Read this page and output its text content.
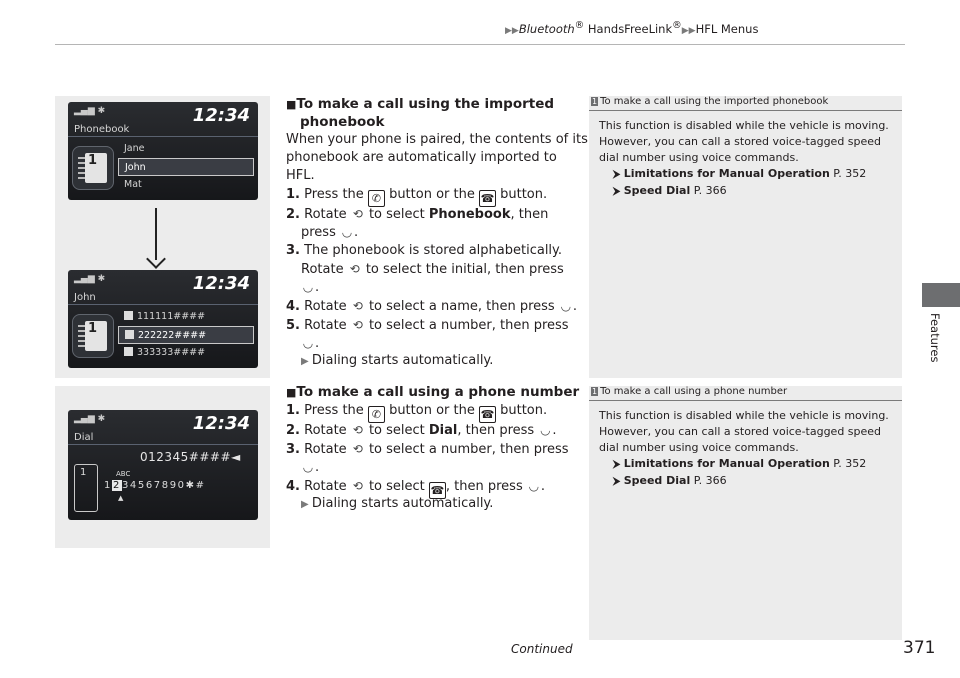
▶▶Bluetooth® HandsFreeLink®▶▶HFL Menus
Features
▂▄▆ ✱	12:34
Phonebook
1
Jane
John
Mat
▂▄▆ ✱	12:34
John
1
111111####
222222####
333333####
▂▄▆ ✱	12:34
Dial
1
012345####◄
ABC
1234567890✱#
▲
■To make a call using the imported
phonebook
When your phone is paired, the contents of its
phonebook are automatically imported to
HFL.
1. Press the ✆ button or the ☎ button.
2. Rotate ⟲ to select Phonebook, then
press ◡ .
3. The phonebook is stored alphabetically.
Rotate ⟲ to select the initial, then press
◡ .
4. Rotate ⟲ to select a name, then press ◡ .
5. Rotate ⟲ to select a number, then press
◡ .
▶ Dialing starts automatically.
■To make a call using a phone number
1. Press the ✆ button or the ☎ button.
2. Rotate ⟲ to select Dial, then press ◡ .
3. Rotate ⟲ to select a number, then press
◡ .
4. Rotate ⟲ to select ☎ , then press ◡ .
▶ Dialing starts automatically.
1 To make a call using the imported phonebook
This function is disabled while the vehicle is moving.
However, you can call a stored voice-tagged speed
dial number using voice commands.
⮞ Limitations for Manual Operation P. 352
⮞ Speed Dial P. 366
1 To make a call using a phone number
This function is disabled while the vehicle is moving.
However, you can call a stored voice-tagged speed
dial number using voice commands.
⮞ Limitations for Manual Operation P. 352
⮞ Speed Dial P. 366
Continued	371
